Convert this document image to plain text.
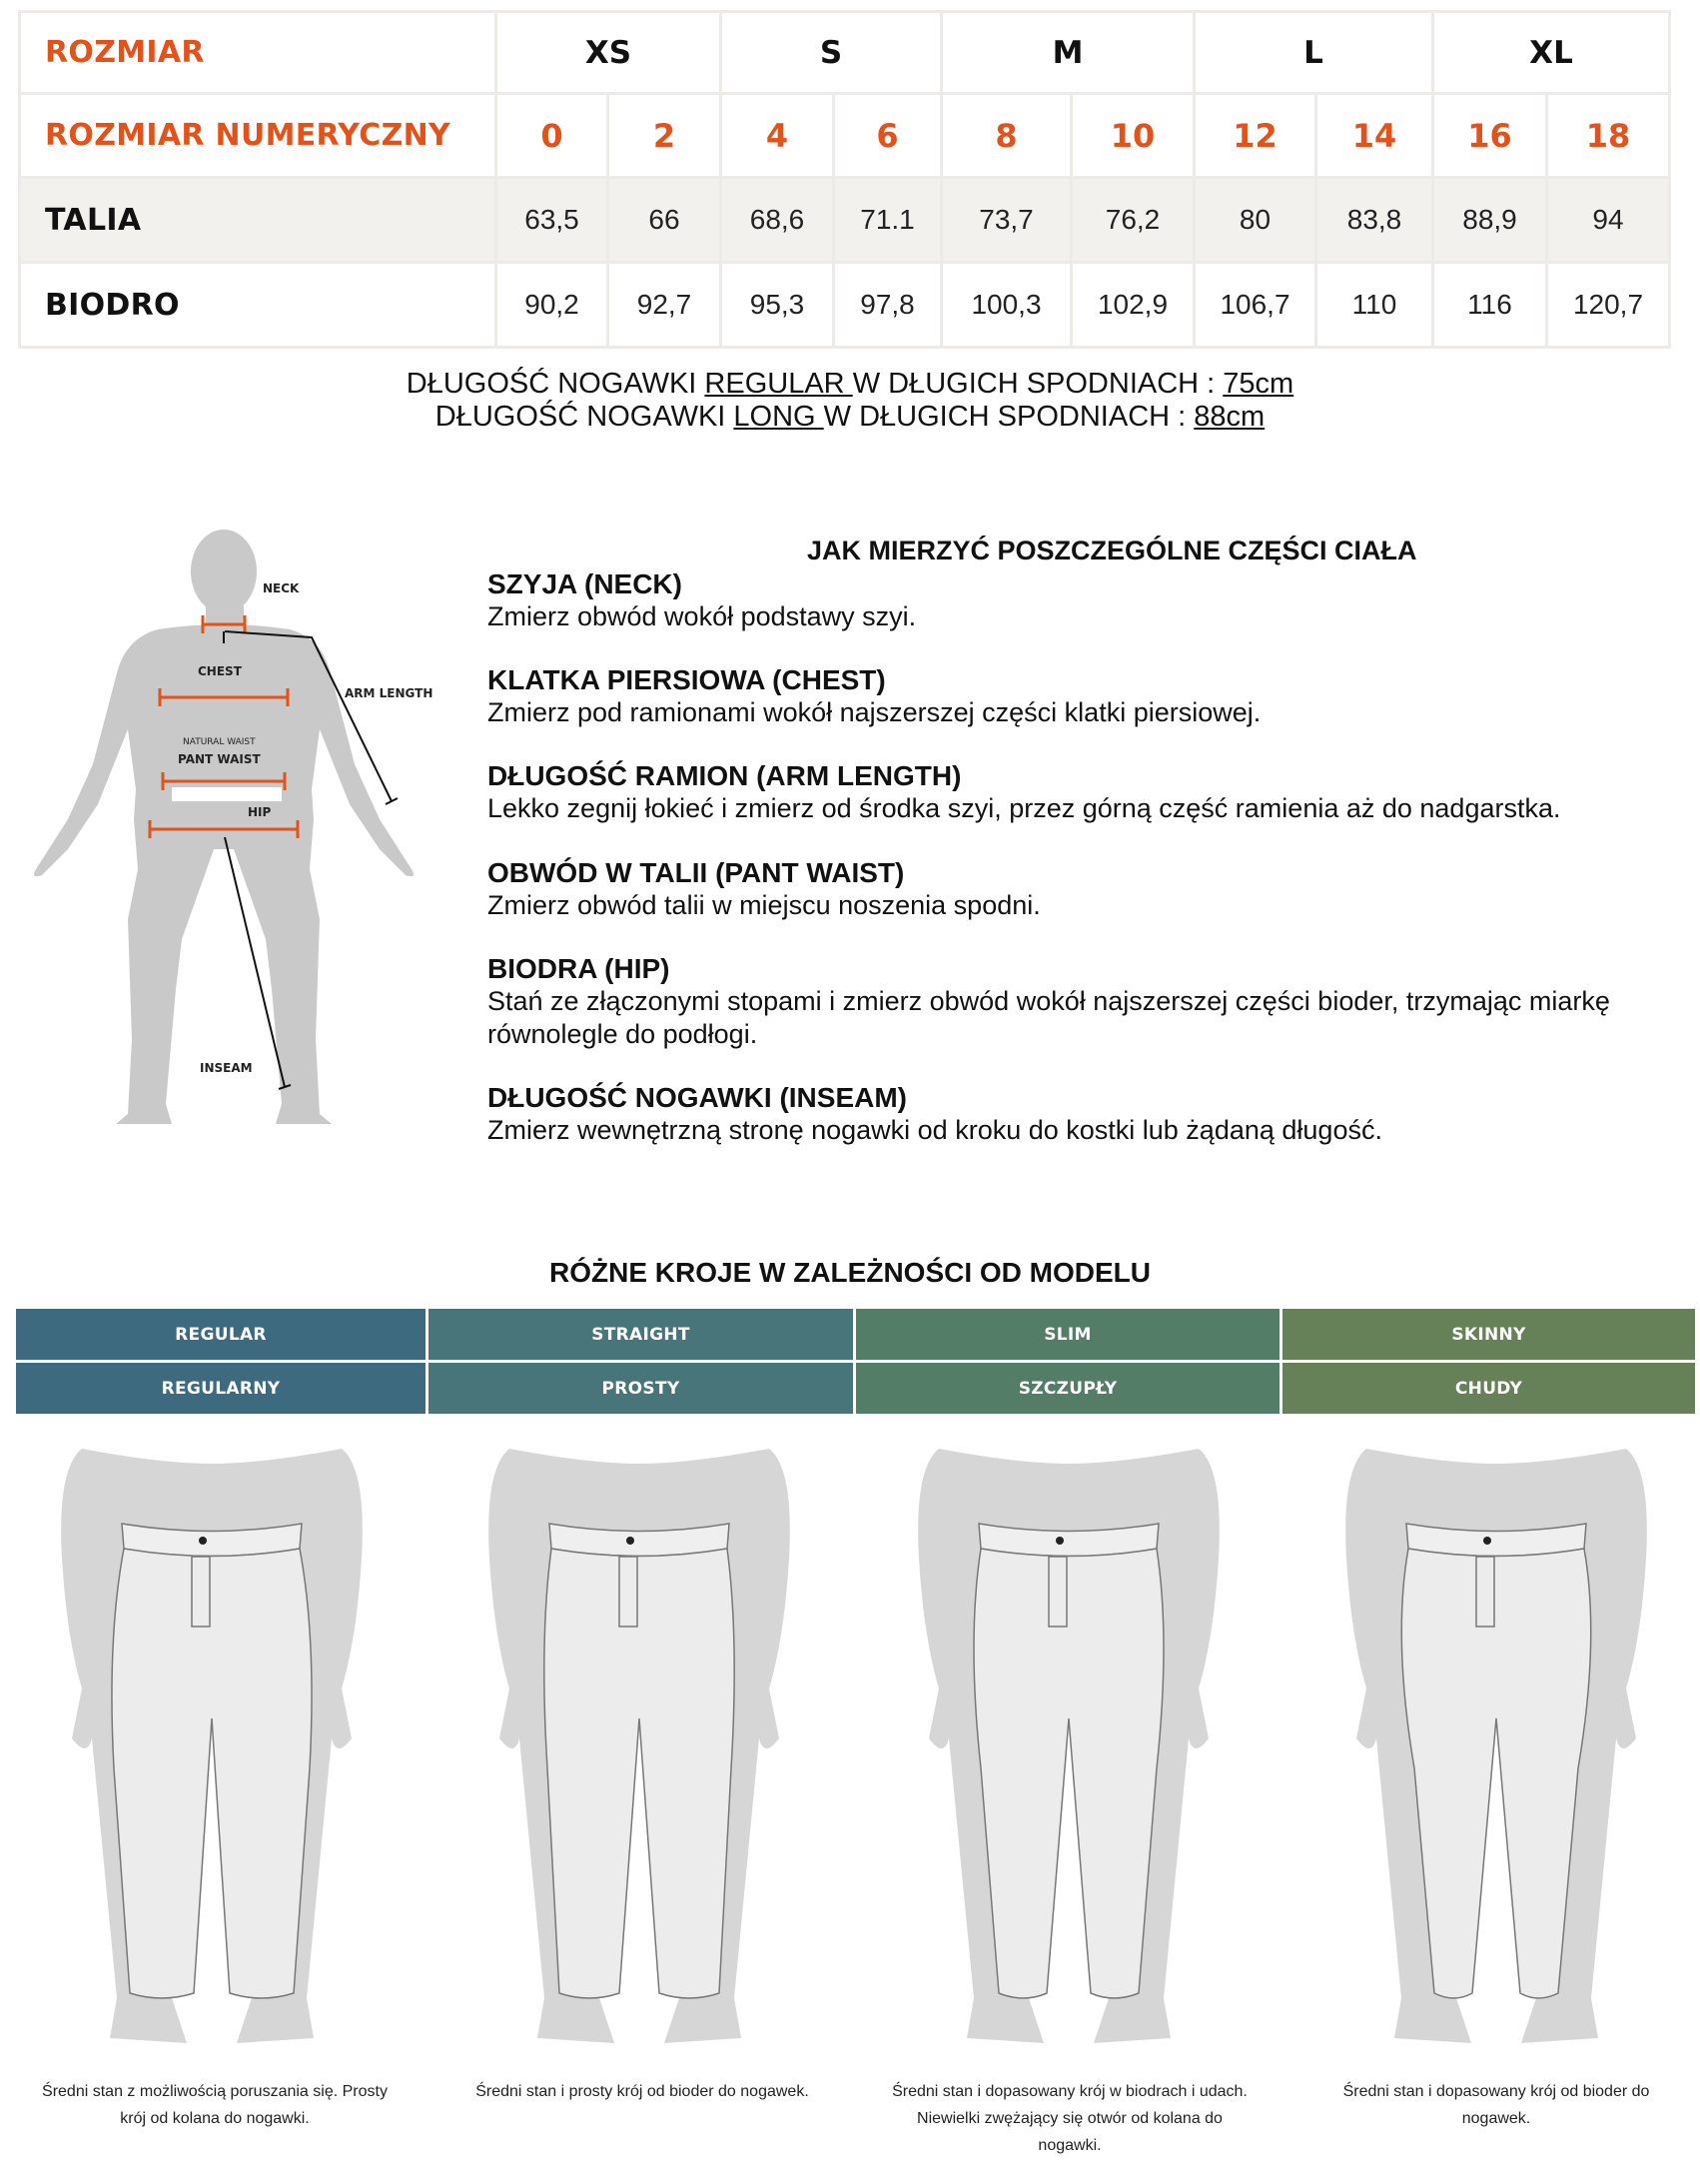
ROZMIAR	XS		S		M		L		XL	
ROZMIAR NUMERYCZNY	0	2	4	6	8	10	12	14	16	18
TALIA	63,5	66	68,6	71.1	73,7	76,2	80	83,8	88,9	94
BIODRO	90,2	92,7	95,3	97,8	100,3	102,9	106,7	110	116	120,7
DŁUGOŚĆ NOGAWKI REGULAR W DŁUGICH SPODNIACH : 75cm
DŁUGOŚĆ NOGAWKI LONG W DŁUGICH SPODNIACH : 88cm
NECK
CHEST
ARM LENGTH
NATURAL WAIST
PANT WAIST
HIP
INSEAM
JAK MIERZYĆ POSZCZEGÓLNE CZĘŚCI CIAŁA
SZYJA (NECK)
Zmierz obwód wokół podstawy szyi.
KLATKA PIERSIOWA (CHEST)
Zmierz pod ramionami wokół najszerszej części klatki piersiowej.
DŁUGOŚĆ RAMION (ARM LENGTH)
Lekko zegnij łokieć i zmierz od środka szyi, przez górną część ramienia aż do nadgarstka.
OBWÓD W TALII (PANT WAIST)
Zmierz obwód talii w miejscu noszenia spodni.
BIODRA (HIP)
Stań ze złączonymi stopami i zmierz obwód wokół najszerszej części bioder, trzymając miarkę
równolegle do podłogi.
DŁUGOŚĆ NOGAWKI (INSEAM)
Zmierz wewnętrzną stronę nogawki od kroku do kostki lub żądaną długość.
RÓŻNE KROJE W ZALEŻNOŚCI OD MODELU
REGULAR	STRAIGHT	SLIM	SKINNY
REGULARNY	PROSTY	SZCZUPŁY	CHUDY
Średni stan z możliwością poruszania się. Prosty
krój od kolana do nogawki.
Średni stan i prosty krój od bioder do nogawek.	Średni stan i dopasowany krój w biodrach i udach.
Niewielki zwężający się otwór od kolana do
nogawki.
Średni stan i dopasowany krój od bioder do
nogawek.
